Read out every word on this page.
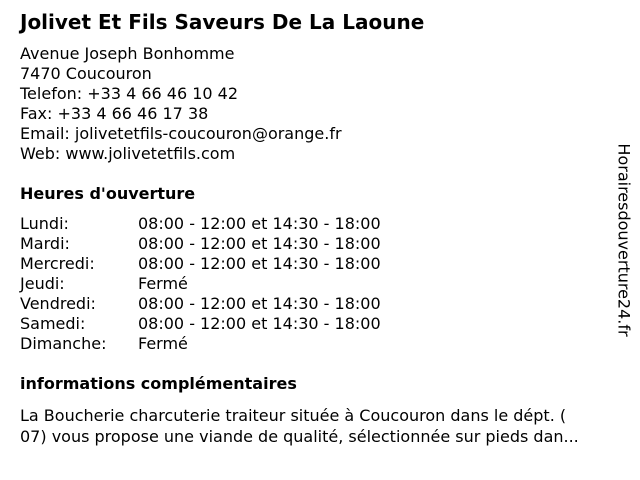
Jolivet Et Fils Saveurs De La Laoune
Avenue Joseph Bonhomme
7470 Coucouron
Telefon: +33 4 66 46 10 42
Fax: +33 4 66 46 17 38
Email: jolivetetfils-coucouron@orange.fr
Web: www.jolivetetfils.com
Heures d'ouverture
Lundi:	08:00 - 12:00 et 14:30 - 18:00
Mardi:	08:00 - 12:00 et 14:30 - 18:00
Mercredi:	08:00 - 12:00 et 14:30 - 18:00
Jeudi:	Fermé
Vendredi:	08:00 - 12:00 et 14:30 - 18:00
Samedi:	08:00 - 12:00 et 14:30 - 18:00
Dimanche:	Fermé
informations complémentaires
La Boucherie charcuterie traiteur située à Coucouron dans le dépt. (
07) vous propose une viande de qualité, sélectionnée sur pieds dan...
Horairesdouverture24.fr
